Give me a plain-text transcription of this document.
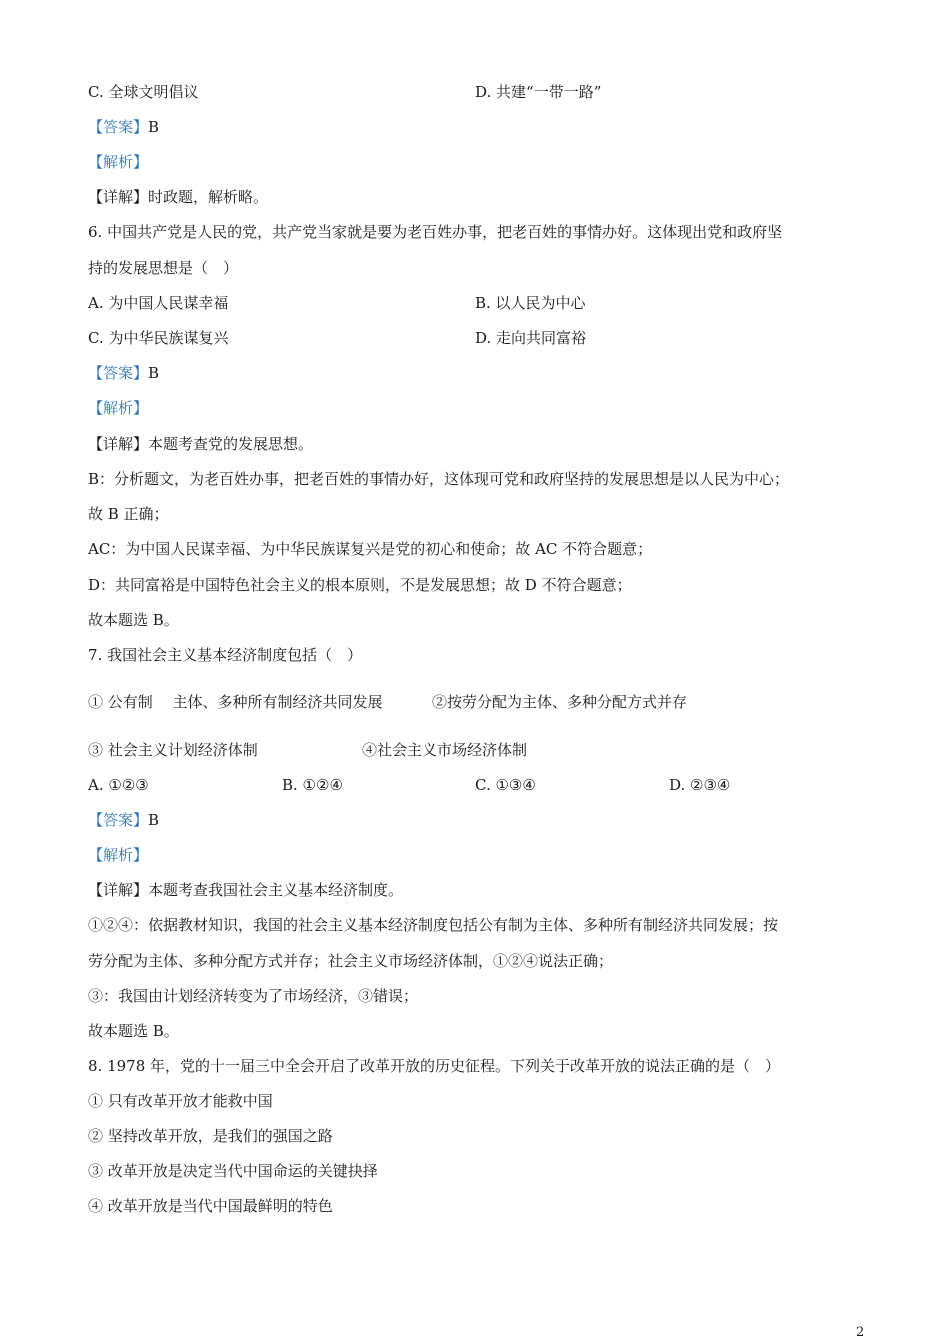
C. 全球文明倡议	D. 共建“一带一路”
【答案】B
【解析】
【详解】时政题，解析略。
6. 中国共产党是人民的党，共产党当家就是要为老百姓办事，把老百姓的事情办好。这体现出党和政府坚
持的发展思想是（　）
A. 为中国人民谋幸福	B. 以人民为中心
C. 为中华民族谋复兴	D. 走向共同富裕
【答案】B
【解析】
【详解】本题考查党的发展思想。
B：分析题文，为老百姓办事，把老百姓的事情办好，这体现可党和政府坚持的发展思想是以人民为中心；
故 B 正确；
AC：为中国人民谋幸福、为中华民族谋复兴是党的初心和使命；故 AC 不符合题意；
D：共同富裕是中国特色社会主义的根本原则，不是发展思想；故 D 不符合题意；
故本题选 B。
7. 我国社会主义基本经济制度包括（　）
① 公有制　 主体、多种所有制经济共同发展	②按劳分配为主体、多种分配方式并存
③ 社会主义计划经济体制	④社会主义市场经济体制
A. ①②③	B. ①②④	C. ①③④	D. ②③④
【答案】B
【解析】
【详解】本题考查我国社会主义基本经济制度。
①②④：依据教材知识，我国的社会主义基本经济制度包括公有制为主体、多种所有制经济共同发展；按
劳分配为主体、多种分配方式并存；社会主义市场经济体制，①②④说法正确；
③：我国由计划经济转变为了市场经济，③错误；
故本题选 B。
8. 1978 年，党的十一届三中全会开启了改革开放的历史征程。下列关于改革开放的说法正确的是（　）
① 只有改革开放才能救中国
② 坚持改革开放，是我们的强国之路
③ 改革开放是决定当代中国命运的关键抉择
④ 改革开放是当代中国最鲜明的特色
2
